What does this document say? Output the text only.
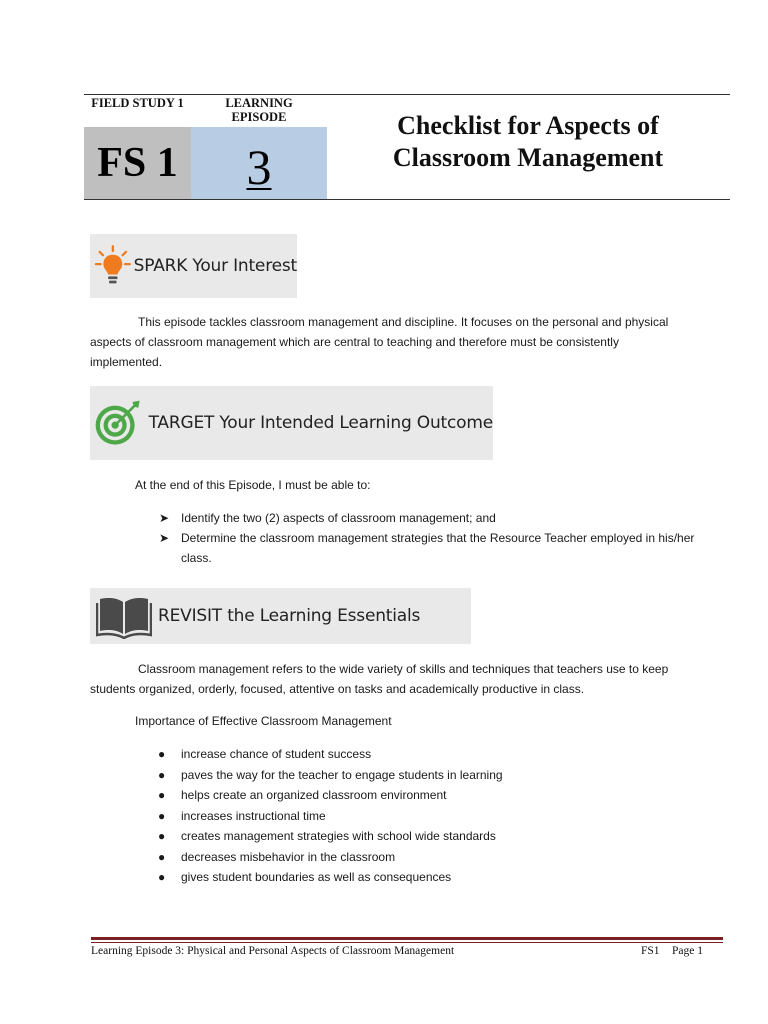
FIELD STUDY 1	LEARNING EPISODE
FS 1	3
Checklist for Aspects of Classroom Management
SPARK Your Interest
This episode tackles classroom management and discipline. It focuses on the personal and physical aspects of classroom management which are central to teaching and therefore must be consistently implemented.
TARGET Your Intended Learning Outcome
At the end of this Episode, I must be able to:
➤ Identify the two (2) aspects of classroom management; and
➤ Determine the classroom management strategies that the Resource Teacher employed in his/her class.
REVISIT the Learning Essentials
Classroom management refers to the wide variety of skills and techniques that teachers use to keep students organized, orderly, focused, attentive on tasks and academically productive in class.
Importance of Effective Classroom Management
● increase chance of student success
● paves the way for the teacher to engage students in learning
● helps create an organized classroom environment
● increases instructional time
● creates management strategies with school wide standards
● decreases misbehavior in the classroom
● gives student boundaries as well as consequences
Learning Episode 3: Physical and Personal Aspects of Classroom Management	FS1 Page 1
